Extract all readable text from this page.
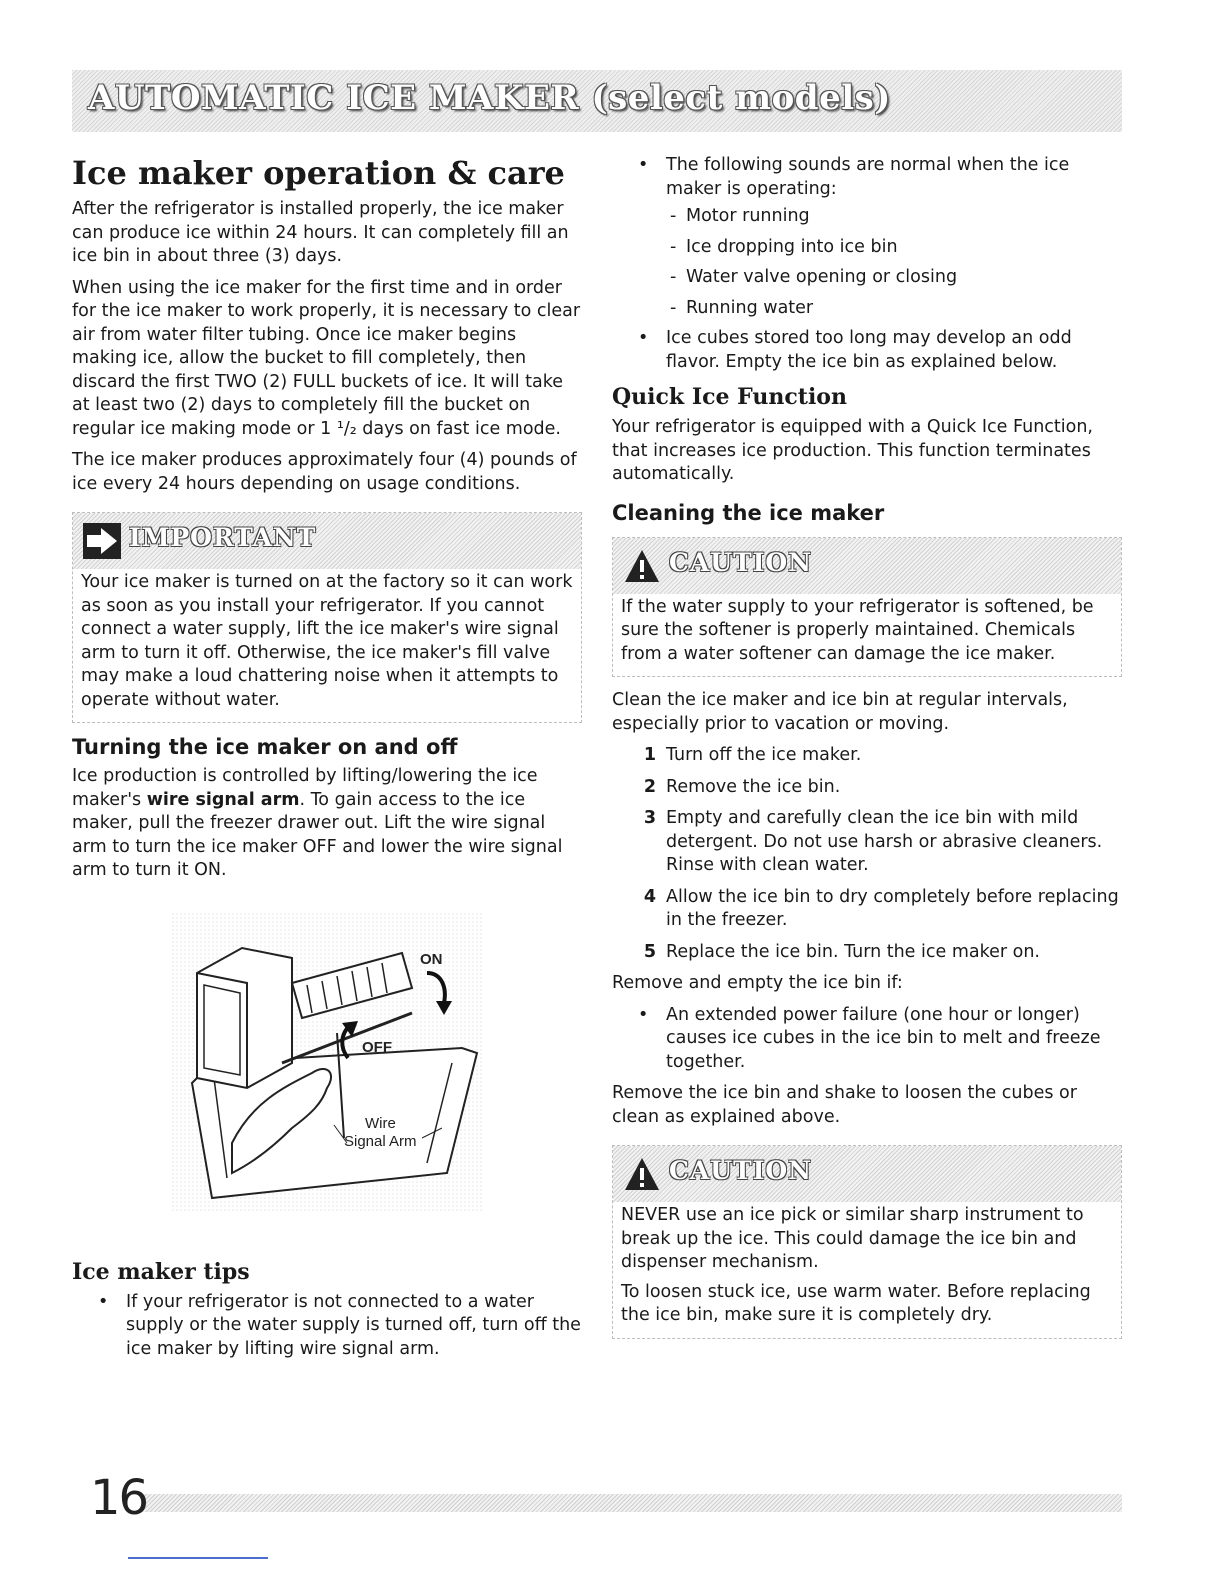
AUTOMATIC ICE MAKER (select models)
Ice maker operation & care

After the refrigerator is installed properly, the ice maker can produce ice within 24 hours. It can completely fill an ice bin in about three (3) days.

When using the ice maker for the first time and in order for the ice maker to work properly, it is necessary to clear air from water filter tubing. Once ice maker begins making ice, allow the bucket to fill completely, then discard the first TWO (2) FULL buckets of ice. It will take at least two (2) days to completely fill the bucket on regular ice making mode or 1 ¹/₂ days on fast ice mode.

The ice maker produces approximately four (4) pounds of ice every 24 hours depending on usage conditions.

IMPORTANT

Your ice maker is turned on at the factory so it can work as soon as you install your refrigerator. If you cannot connect a water supply, lift the ice maker's wire signal arm to turn it off. Otherwise, the ice maker's fill valve may make a loud chattering noise when it attempts to operate without water.

Turning the ice maker on and off

Ice production is controlled by lifting/lowering the ice maker's wire signal arm. To gain access to the ice maker, pull the freezer drawer out. Lift the wire signal arm to turn the ice maker OFF and lower the wire signal arm to turn it ON.

ON
OFF
Wire
Signal Arm
Ice maker tips
• If your refrigerator is not connected to a water supply or the water supply is turned off, turn off the ice maker by lifting wire signal arm.
• The following sounds are normal when the ice maker is operating:
- Motor running
- Ice dropping into ice bin
- Water valve opening or closing
- Running water
• Ice cubes stored too long may develop an odd flavor. Empty the ice bin as explained below.
Quick Ice Function

Your refrigerator is equipped with a Quick Ice Function, that increases ice production. This function terminates automatically.

Cleaning the ice maker
CAUTION

If the water supply to your refrigerator is softened, be sure the softener is properly maintained. Chemicals from a water softener can damage the ice maker.

Clean the ice maker and ice bin at regular intervals, especially prior to vacation or moving.

1 Turn off the ice maker.
2 Remove the ice bin.
3 Empty and carefully clean the ice bin with mild detergent. Do not use harsh or abrasive cleaners. Rinse with clean water.
4 Allow the ice bin to dry completely before replacing in the freezer.
5 Replace the ice bin. Turn the ice maker on.

Remove and empty the ice bin if:

• An extended power failure (one hour or longer) causes ice cubes in the ice bin to melt and freeze together.

Remove the ice bin and shake to loosen the cubes or clean as explained above.

CAUTION

NEVER use an ice pick or similar sharp instrument to break up the ice. This could damage the ice bin and dispenser mechanism.

To loosen stuck ice, use warm water. Before replacing the ice bin, make sure it is completely dry.

16
